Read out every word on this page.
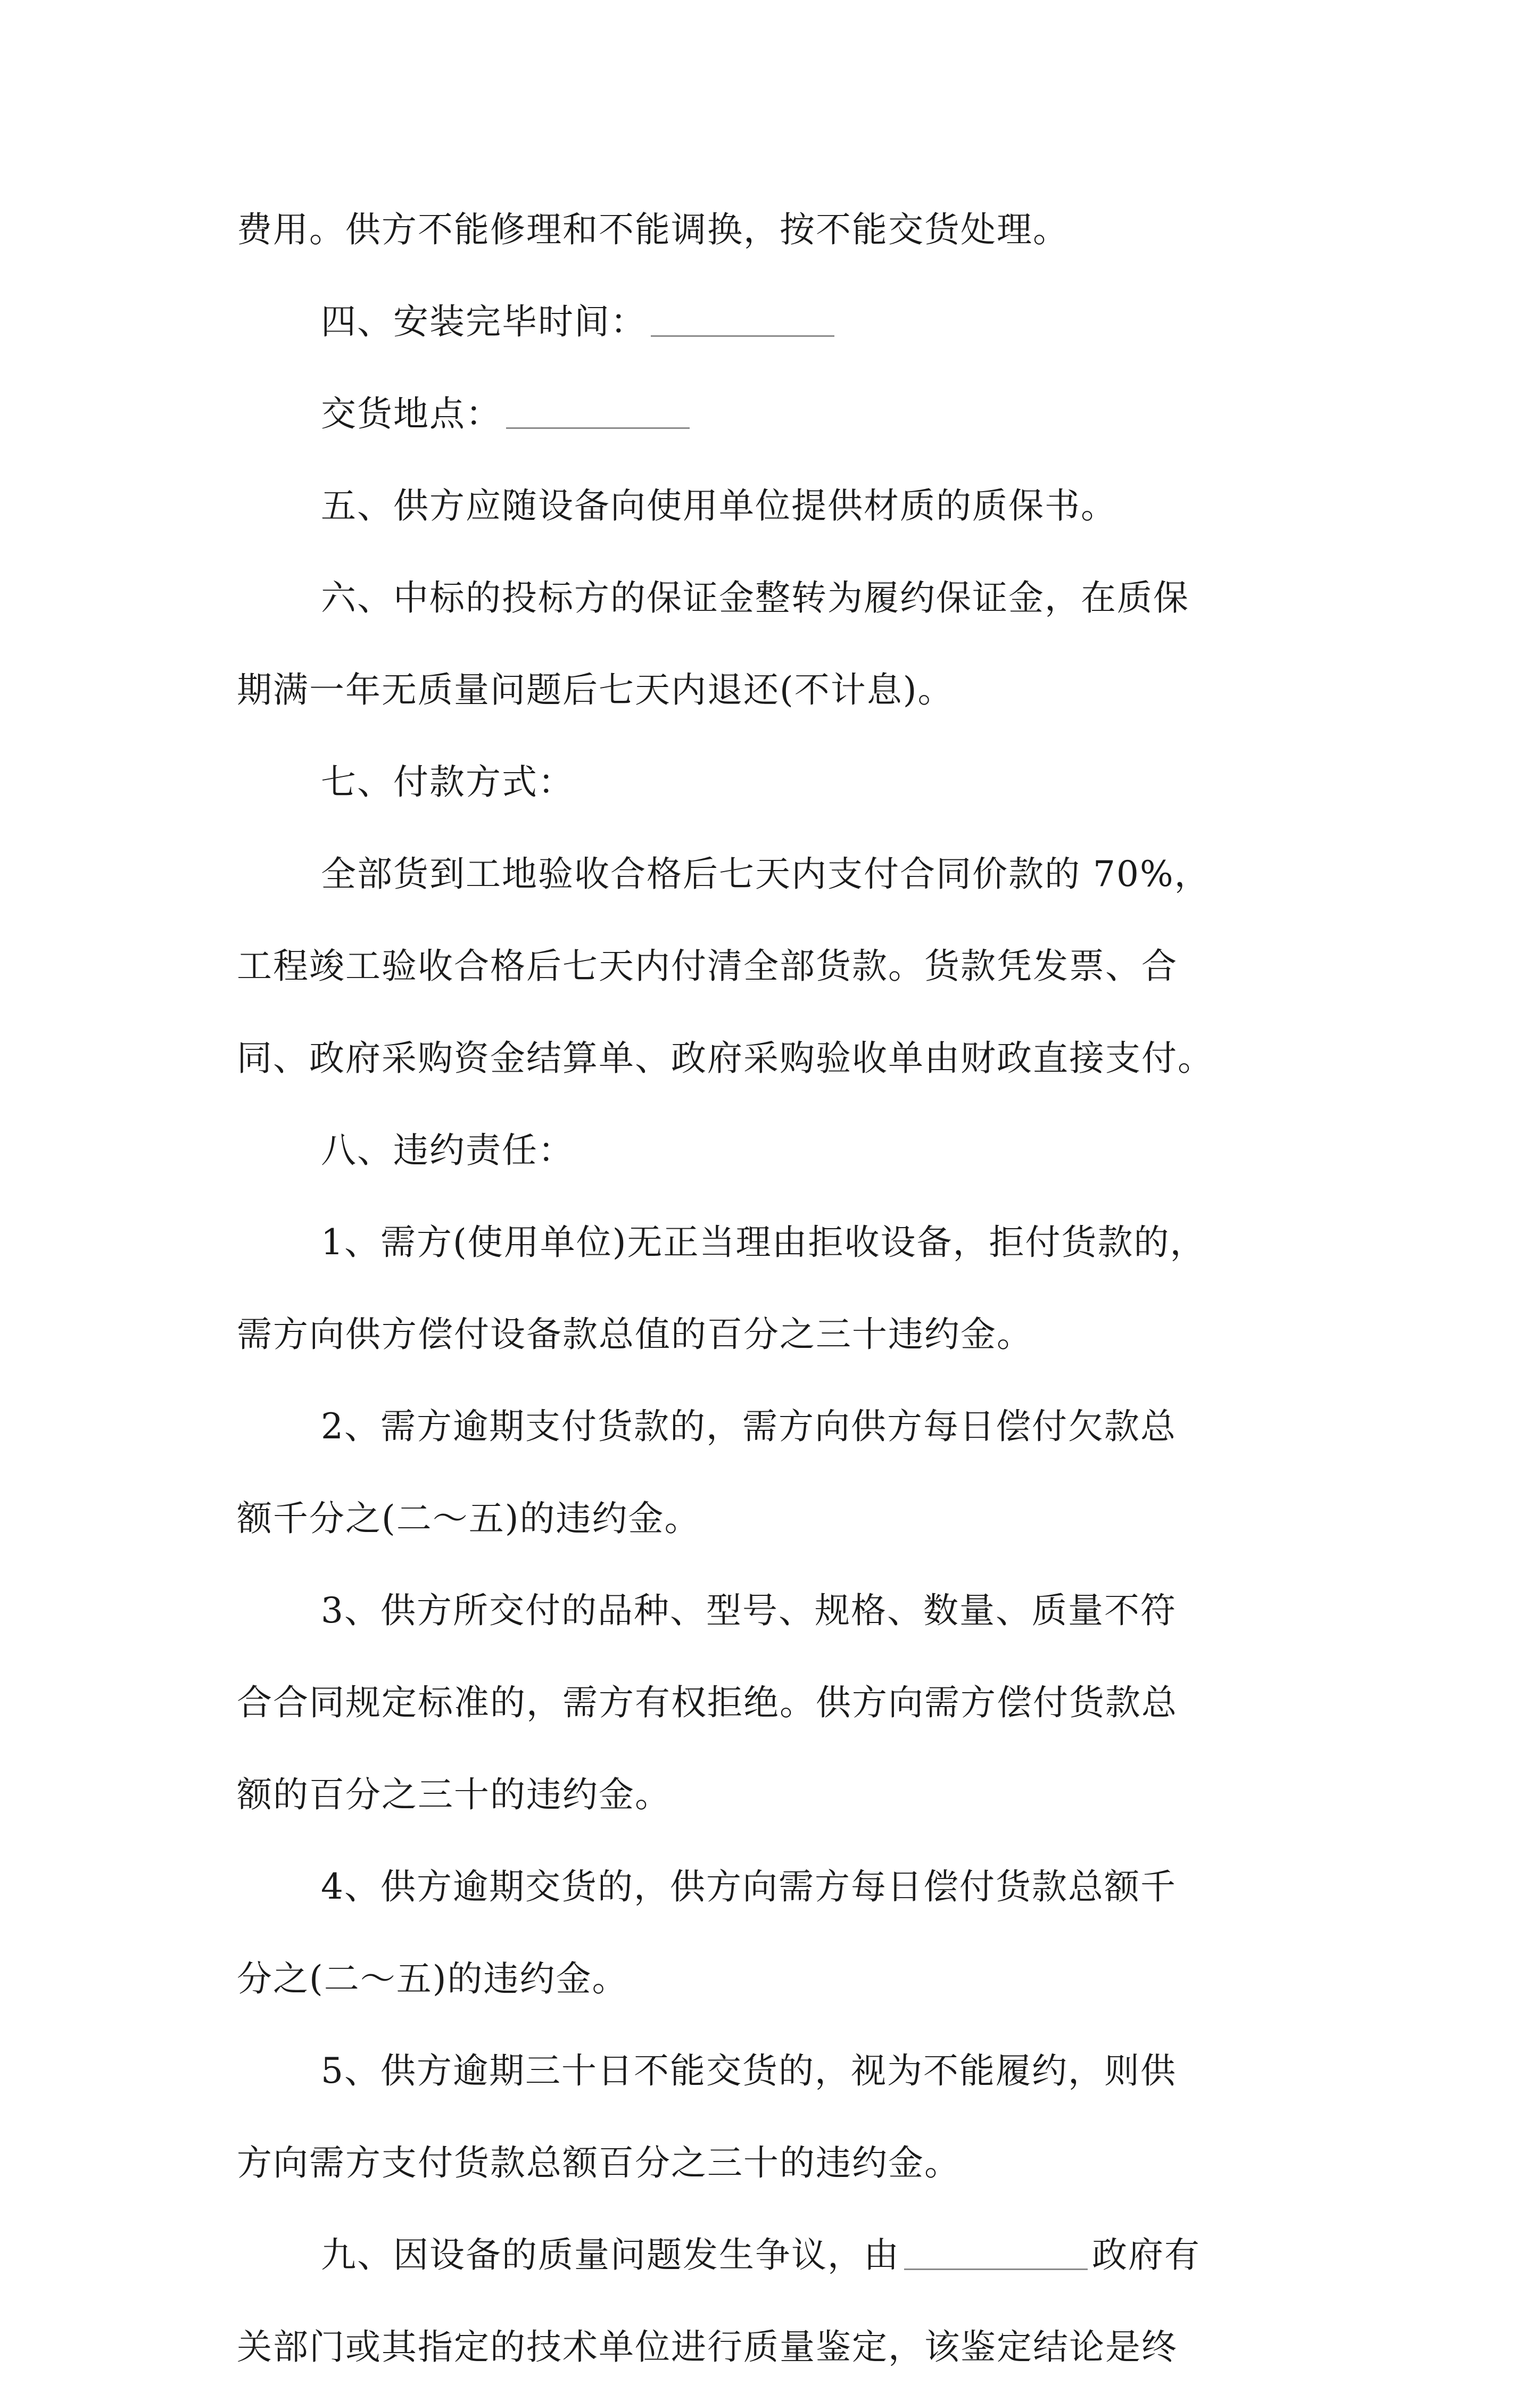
费用。供方不能修理和不能调换，按不能交货处理。
四、安装完毕时间：
交货地点：
五、供方应随设备向使用单位提供材质的质保书。
六、中标的投标方的保证金整转为履约保证金，在质保
期满一年无质量问题后七天内退还(不计息)。
七、付款方式：
全部货到工地验收合格后七天内支付合同价款的 70%，
工程竣工验收合格后七天内付清全部货款。货款凭发票、合
同、政府采购资金结算单、政府采购验收单由财政直接支付。
八、违约责任：
1、需方(使用单位)无正当理由拒收设备，拒付货款的，
需方向供方偿付设备款总值的百分之三十违约金。
2、需方逾期支付货款的，需方向供方每日偿付欠款总
额千分之(二～五)的违约金。
3、供方所交付的品种、型号、规格、数量、质量不符
合合同规定标准的，需方有权拒绝。供方向需方偿付货款总
额的百分之三十的违约金。
4、供方逾期交货的，供方向需方每日偿付货款总额千
分之(二～五)的违约金。
5、供方逾期三十日不能交货的，视为不能履约，则供
方向需方支付货款总额百分之三十的违约金。
九、因设备的质量问题发生争议，由	政府有
关部门或其指定的技术单位进行质量鉴定，该鉴定结论是终
